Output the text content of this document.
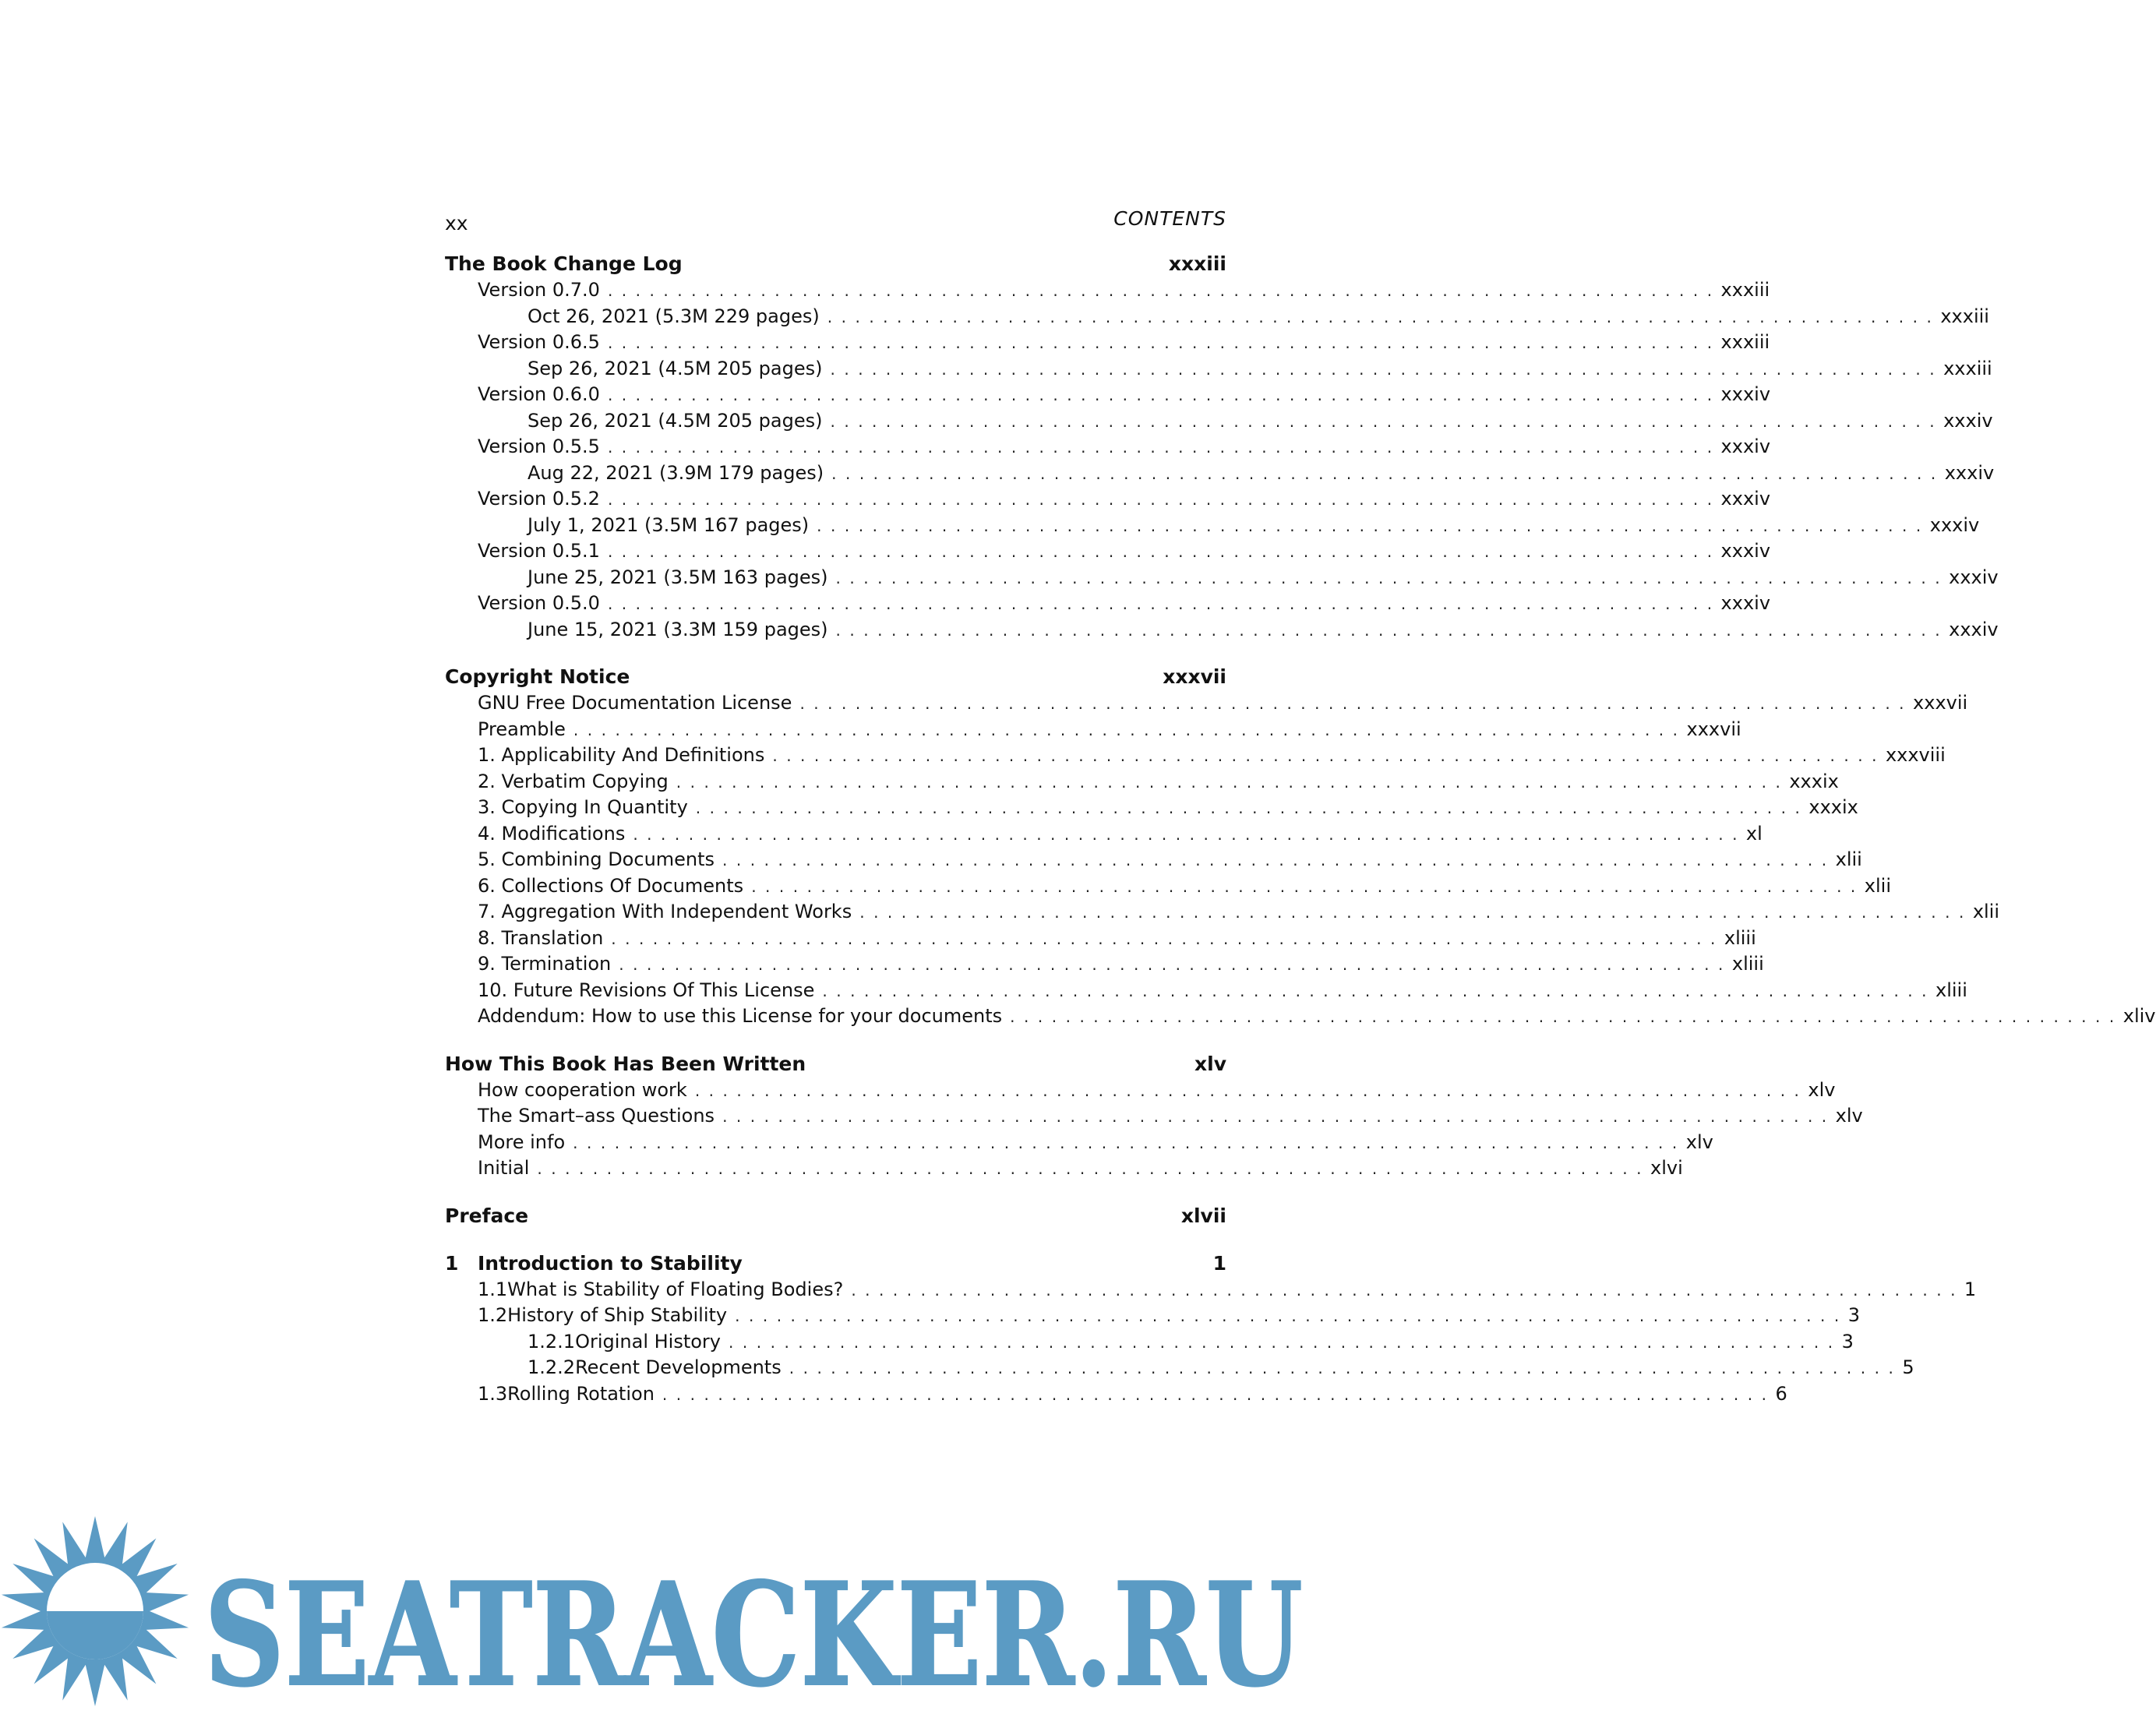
xx	CONTENTS
The Book Change Log	xxxiii
Version 0.7.0 ................................................................................ xxxiii
Oct 26, 2021 (5.3M 229 pages) ................................................................................ xxxiii
Version 0.6.5 ................................................................................ xxxiii
Sep 26, 2021 (4.5M 205 pages) ................................................................................ xxxiii
Version 0.6.0 ................................................................................ xxxiv
Sep 26, 2021 (4.5M 205 pages) ................................................................................ xxxiv
Version 0.5.5 ................................................................................ xxxiv
Aug 22, 2021 (3.9M 179 pages) ................................................................................ xxxiv
Version 0.5.2 ................................................................................ xxxiv
July 1, 2021 (3.5M 167 pages) ................................................................................ xxxiv
Version 0.5.1 ................................................................................ xxxiv
June 25, 2021 (3.5M 163 pages) ................................................................................ xxxiv
Version 0.5.0 ................................................................................ xxxiv
June 15, 2021 (3.3M 159 pages) ................................................................................ xxxiv
Copyright Notice	xxxvii
GNU Free Documentation License ................................................................................ xxxvii
Preamble ................................................................................ xxxvii
1. Applicability And Definitions ................................................................................ xxxviii
2. Verbatim Copying ................................................................................ xxxix
3. Copying In Quantity ................................................................................ xxxix
4. Modifications ................................................................................ xl
5. Combining Documents ................................................................................ xlii
6. Collections Of Documents ................................................................................ xlii
7. Aggregation With Independent Works ................................................................................ xlii
8. Translation ................................................................................ xliii
9. Termination ................................................................................ xliii
10. Future Revisions Of This License ................................................................................ xliii
Addendum: How to use this License for your documents ................................................................................ xliv
How This Book Has Been Written	xlv
How cooperation work ................................................................................ xlv
The Smart–ass Questions ................................................................................ xlv
More info ................................................................................ xlv
Initial ................................................................................ xlvi
Preface	xlvii
1 Introduction to Stability	1
1.1 What is Stability of Floating Bodies? ................................................................................ 1
1.2 History of Ship Stability ................................................................................ 3
1.2.1 Original History ................................................................................ 3
1.2.2 Recent Developments ................................................................................ 5
1.3 Rolling Rotation ................................................................................ 6
SEATRACKER.RU
